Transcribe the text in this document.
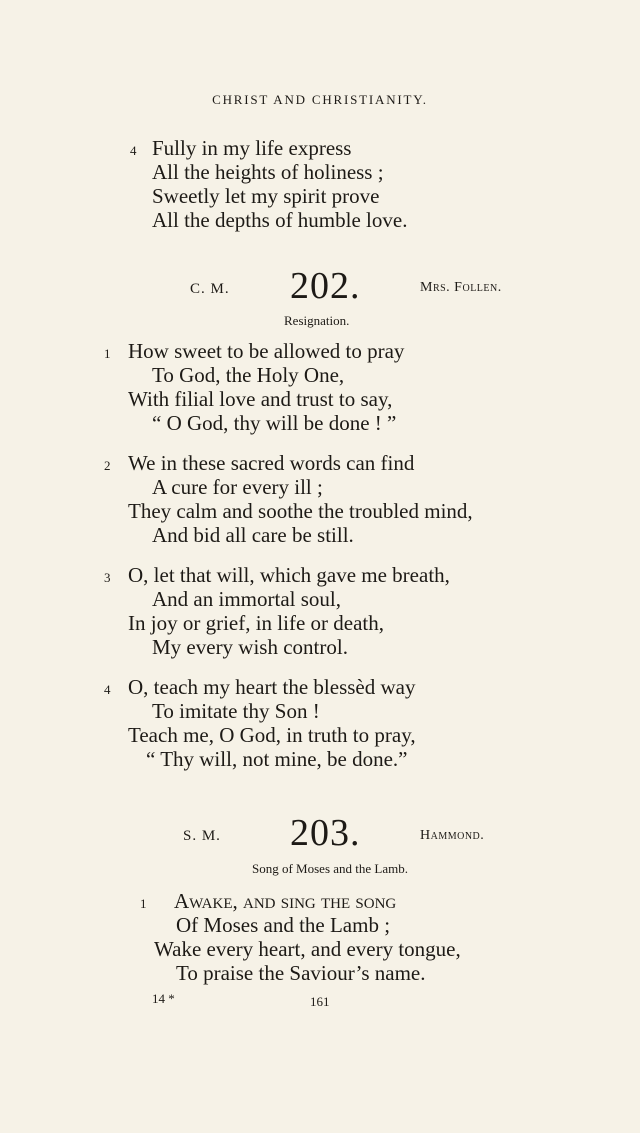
CHRIST AND CHRISTIANITY.
4 Fully in my life express
All the heights of holiness ;
Sweetly let my spirit prove
All the depths of humble love.
C. M. 202.	Mrs. Follen.
Resignation.
1 How sweet to be allowed to pray
To God, the Holy One,
With filial love and trust to say,
“ O God, thy will be done ! ”
2 We in these sacred words can find
A cure for every ill ;
They calm and soothe the troubled mind,
And bid all care be still.
3 O, let that will, which gave me breath,
And an immortal soul,
In joy or grief, in life or death,
My every wish control.
4 O, teach my heart the blessèd way
To imitate thy Son !
Teach me, O God, in truth to pray,
“ Thy will, not mine, be done.”
S. M. 203.	Hammond.
Song of Moses and the Lamb.
1 Awake, and sing the song
Of Moses and the Lamb ;
Wake every heart, and every tongue,
To praise the Saviour’s name.
14 *	161
